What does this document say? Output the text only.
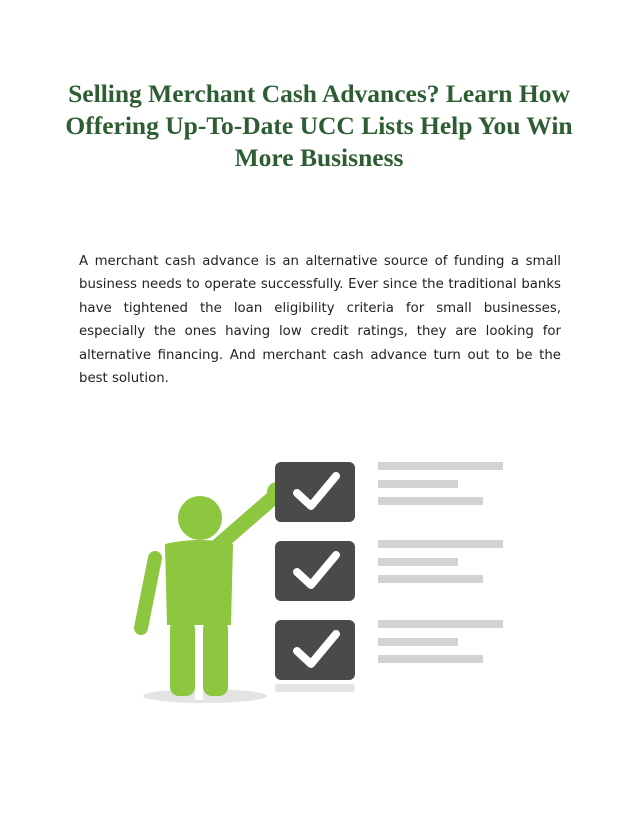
Selling Merchant Cash Advances? Learn How Offering Up-To-Date UCC Lists Help You Win More Busisness

A merchant cash advance is an alternative source of funding a small business needs to operate successfully. Ever since the traditional banks have tightened the loan eligibility criteria for small businesses, especially the ones having low credit ratings, they are looking for alternative financing. And merchant cash advance turn out to be the best solution.
